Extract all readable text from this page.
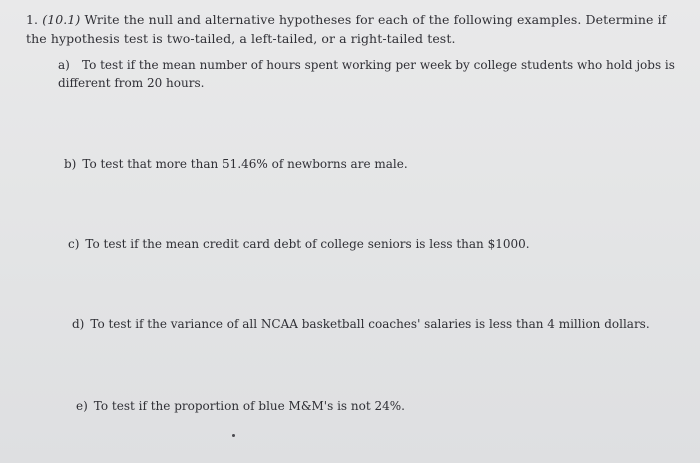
1. (10.1) Write the null and alternative hypotheses for each of the following examples. Determine if the hypothesis test is two-tailed, a left-tailed, or a right-tailed test.
a) To test if the mean number of hours spent working per week by college students who hold jobs is different from 20 hours.
b) To test that more than 51.46% of newborns are male.
c) To test if the mean credit card debt of college seniors is less than $1000.
d) To test if the variance of all NCAA basketball coaches' salaries is less than 4 million dollars.
e) To test if the proportion of blue M&M's is not 24%.
